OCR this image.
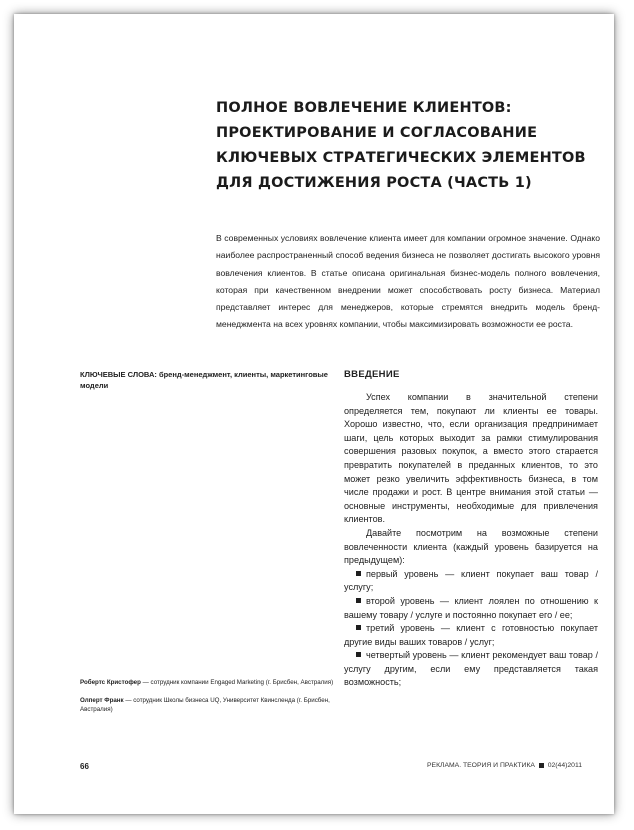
ПОЛНОЕ ВОВЛЕЧЕНИЕ КЛИЕНТОВ: ПРОЕКТИРОВАНИЕ И СОГЛАСОВАНИЕ КЛЮЧЕВЫХ СТРАТЕГИЧЕСКИХ ЭЛЕМЕНТОВ ДЛЯ ДОСТИЖЕНИЯ РОСТА (ЧАСТЬ 1)

В современных условиях вовлечение клиента имеет для компании огромное значение. Однако наиболее распространенный способ ведения бизнеса не позволяет достигать высокого уровня вовлечения клиентов. В статье описана оригинальная бизнес-модель полного вовлечения, которая при качественном внедрении может способствовать росту бизнеса. Материал представляет интерес для менеджеров, которые стремятся внедрить модель бренд-менеджмента на всех уровнях компании, чтобы максимизировать возможности ее роста.

КЛЮЧЕВЫЕ СЛОВА: бренд-менеджмент, клиенты, маркетинговые модели

Робертс Кристофер — сотрудник компании Engaged Marketing (г. Брисбен, Австралия)

Олперт Франк — сотрудник Школы бизнеса UQ, Университет Квинсленда (г. Брисбен, Австралия)

ВВЕДЕНИЕ

Успех компании в значительной степени определяется тем, покупают ли клиенты ее товары. Хорошо известно, что, если организация предпринимает шаги, цель которых выходит за рамки стимулирования совершения разовых покупок, а вместо этого старается превратить покупателей в преданных клиентов, то это может резко увеличить эффективность бизнеса, в том числе продажи и рост. В центре внимания этой статьи — основные инструменты, необходимые для привлечения клиентов.

Давайте посмотрим на возможные степени вовлеченности клиента (каждый уровень базируется на предыдущем):

первый уровень — клиент покупает ваш товар / услугу;

второй уровень — клиент лоялен по отношению к вашему товару / услуге и постоянно покупает его / ее;

третий уровень — клиент с готовностью покупает другие виды ваших товаров / услуг;

четвертый уровень — клиент рекомендует ваш товар / услугу другим, если ему представляется такая возможность;

66	РЕКЛАМА. ТЕОРИЯ И ПРАКТИКА 02(44)2011
